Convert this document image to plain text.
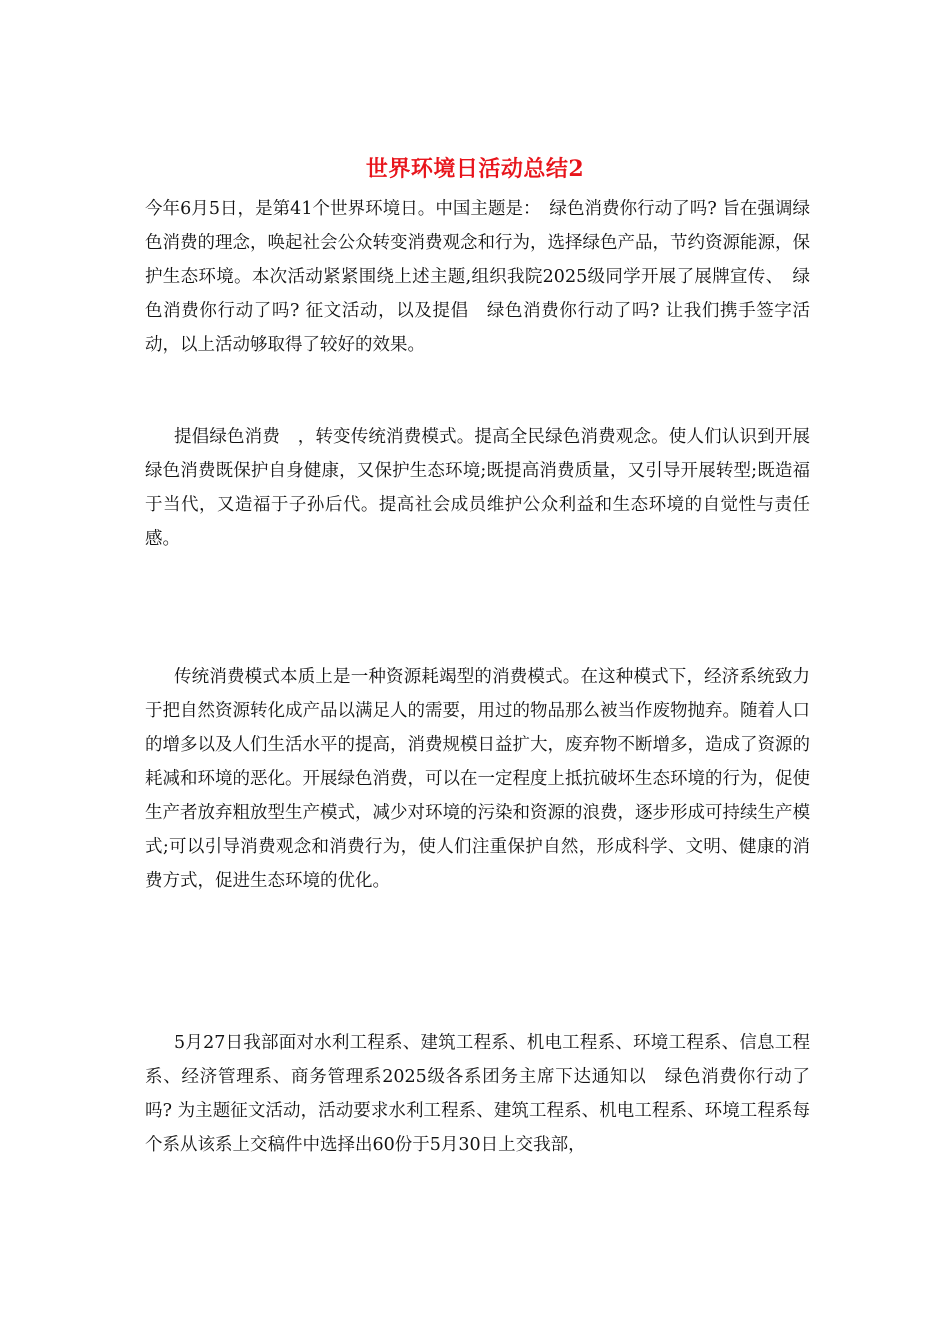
世界环境日活动总结2

今年6月5日，是第41个世界环境日。中国主题是：　绿色消费你行动了吗? 旨在强调绿色消费的理念，唤起社会公众转变消费观念和行为，选择绿色产品，节约资源能源，保护生态环境。本次活动紧紧围绕上述主题,组织我院2025级同学开展了展牌宣传、　绿色消费你行动了吗? 征文活动，以及提倡　绿色消费你行动了吗? 让我们携手签字活动，以上活动够取得了较好的效果。

提倡绿色消费　，转变传统消费模式。提高全民绿色消费观念。使人们认识到开展绿色消费既保护自身健康，又保护生态环境;既提高消费质量，又引导开展转型;既造福于当代，又造福于子孙后代。提高社会成员维护公众利益和生态环境的自觉性与责任感。

传统消费模式本质上是一种资源耗竭型的消费模式。在这种模式下，经济系统致力于把自然资源转化成产品以满足人的需要，用过的物品那么被当作废物抛弃。随着人口的增多以及人们生活水平的提高，消费规模日益扩大，废弃物不断增多，造成了资源的耗减和环境的恶化。开展绿色消费，可以在一定程度上抵抗破坏生态环境的行为，促使生产者放弃粗放型生产模式，减少对环境的污染和资源的浪费，逐步形成可持续生产模式;可以引导消费观念和消费行为，使人们注重保护自然，形成科学、文明、健康的消费方式，促进生态环境的优化。

5月27日我部面对水利工程系、建筑工程系、机电工程系、环境工程系、信息工程系、经济管理系、商务管理系2025级各系团务主席下达通知以　绿色消费你行动了吗? 为主题征文活动，活动要求水利工程系、建筑工程系、机电工程系、环境工程系每个系从该系上交稿件中选择出60份于5月30日上交我部，
